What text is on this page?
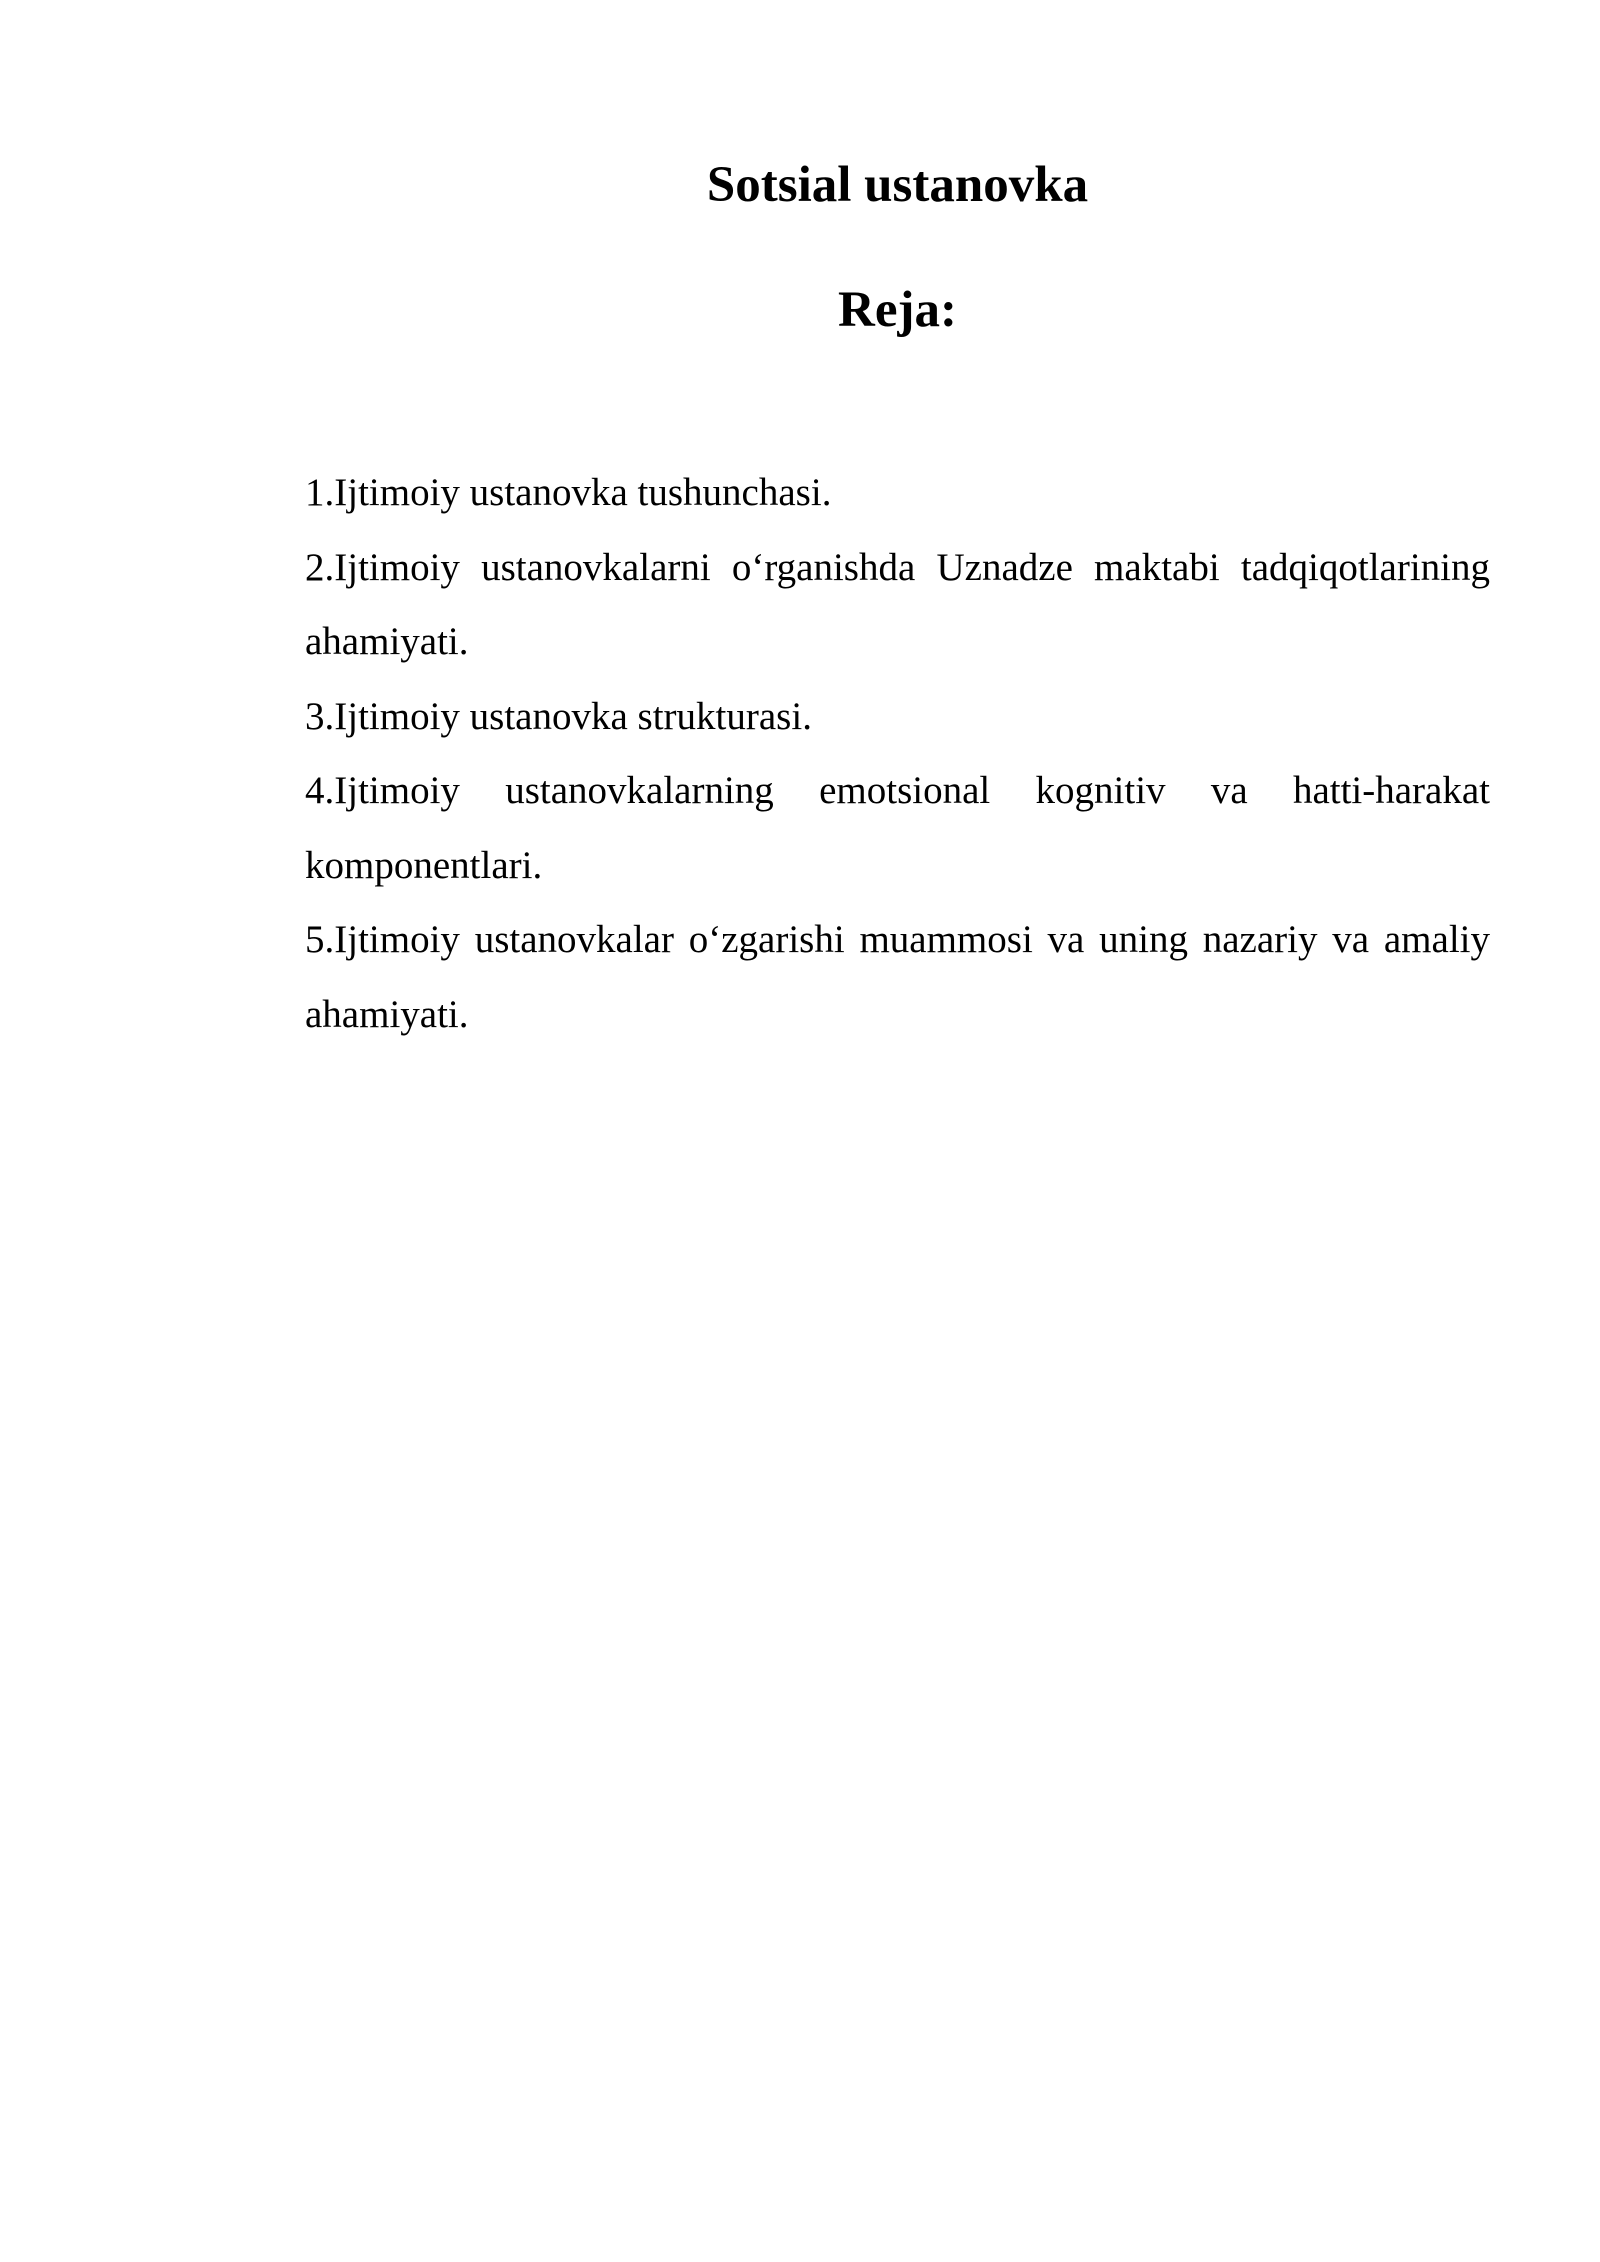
Sotsial ustanovka
Reja:
1.Ijtimoiy ustanovka tushunchasi.
2.Ijtimoiy ustanovkalarni o‘rganishda Uznadze maktabi tadqiqotlarining ahamiyati.
3.Ijtimoiy ustanovka strukturasi.
4.Ijtimoiy ustanovkalarning emotsional kognitiv va hatti-harakat komponentlari.
5.Ijtimoiy ustanovkalar o‘zgarishi muammosi va uning nazariy va amaliy ahamiyati.
